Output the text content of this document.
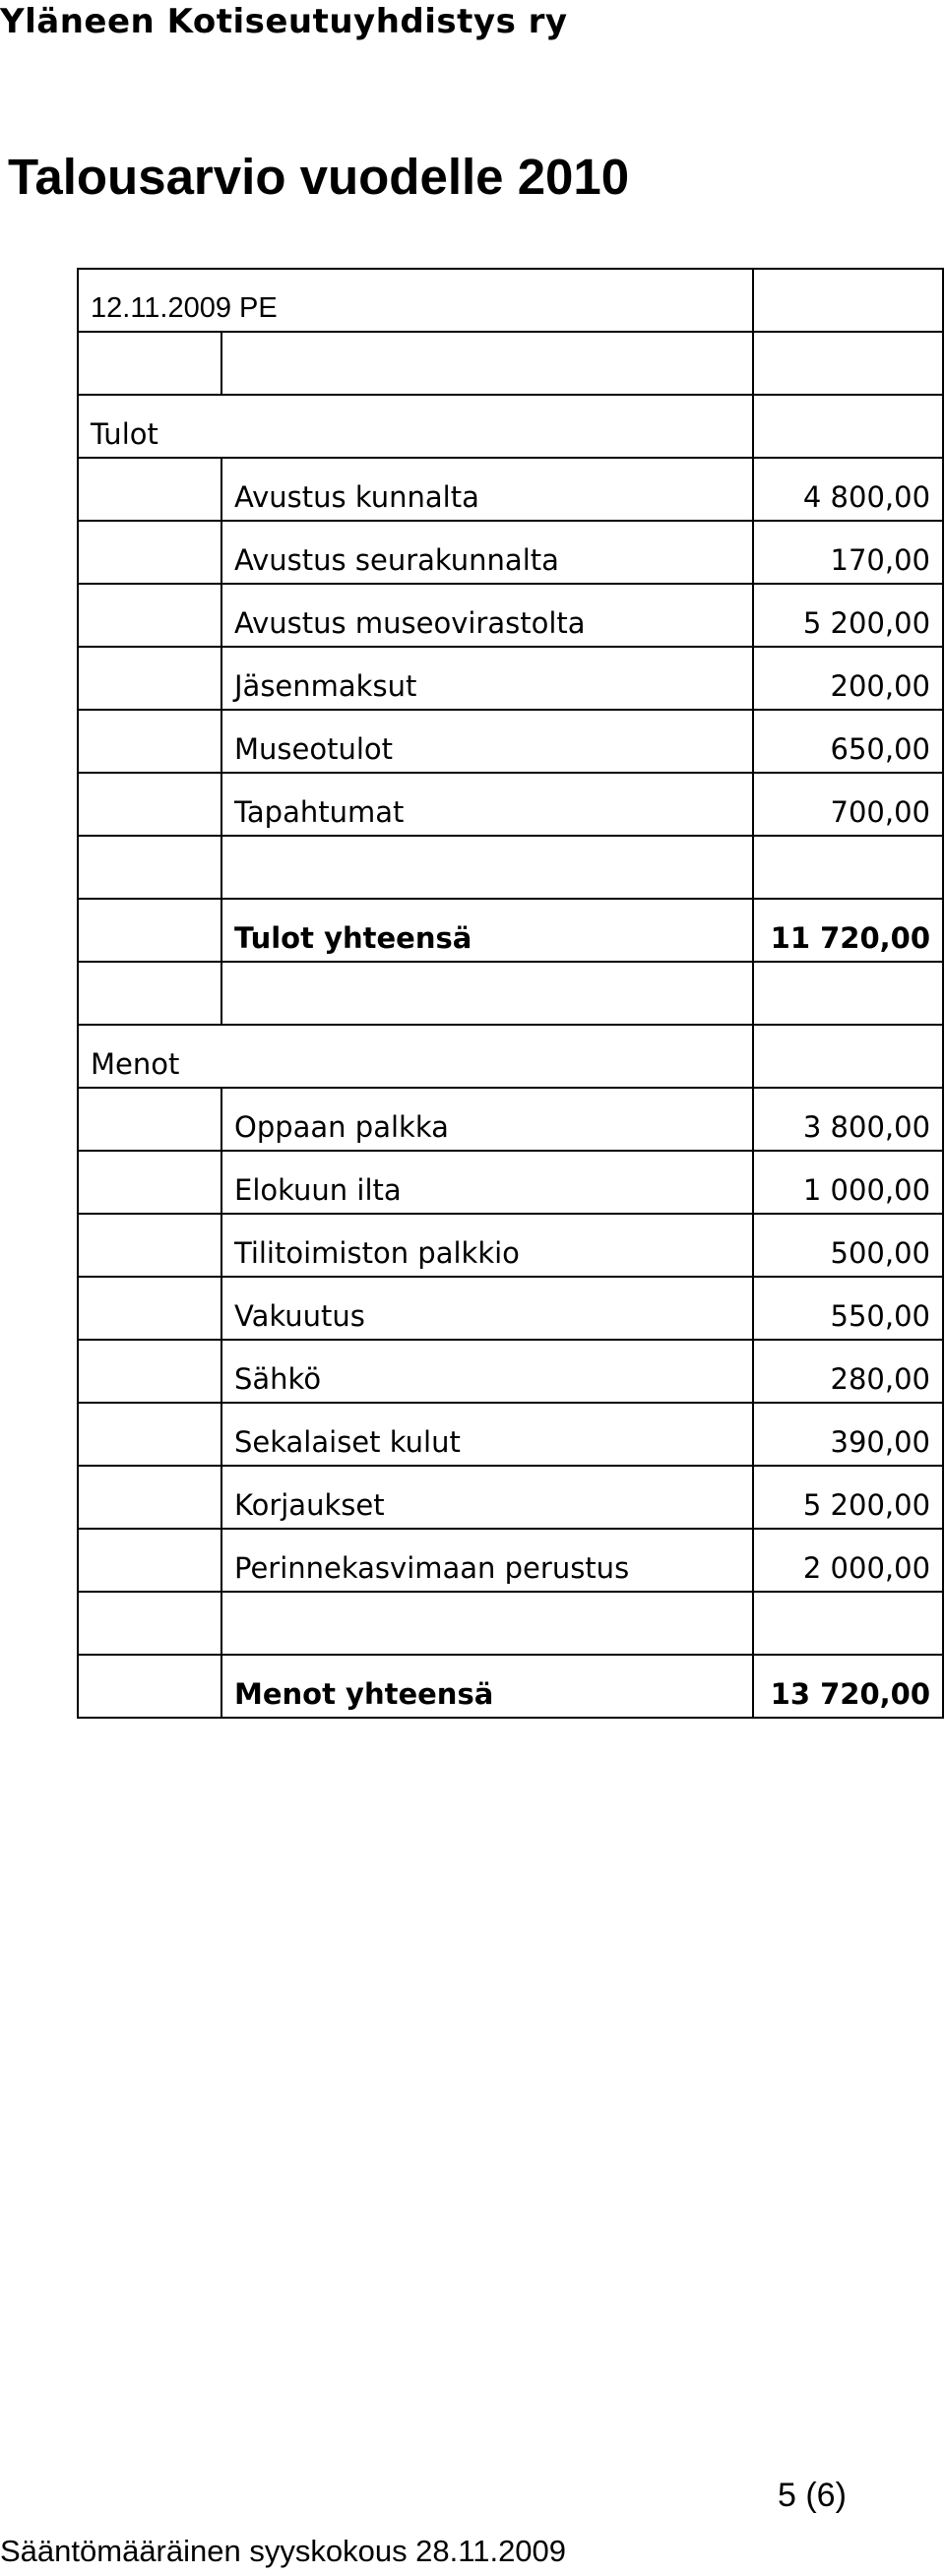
Yläneen Kotiseutuyhdistys ry
Talousarvio vuodelle 2010
12.11.2009 PE		

Tulot		
	Avustus kunnalta	4 800,00
	Avustus seurakunnalta	170,00
	Avustus museovirastolta	5 200,00
	Jäsenmaksut	200,00
	Museotulot	650,00
	Tapahtumat	700,00

	Tulot yhteensä	11 720,00

Menot		
	Oppaan palkka	3 800,00
	Elokuun ilta	1 000,00
	Tilitoimiston palkkio	500,00
	Vakuutus	550,00
	Sähkö	280,00
	Sekalaiset kulut	390,00
	Korjaukset	5 200,00
	Perinnekasvimaan perustus	2 000,00

	Menot yhteensä	13 720,00
5 (6)
Sääntömääräinen syyskokous 28.11.2009
